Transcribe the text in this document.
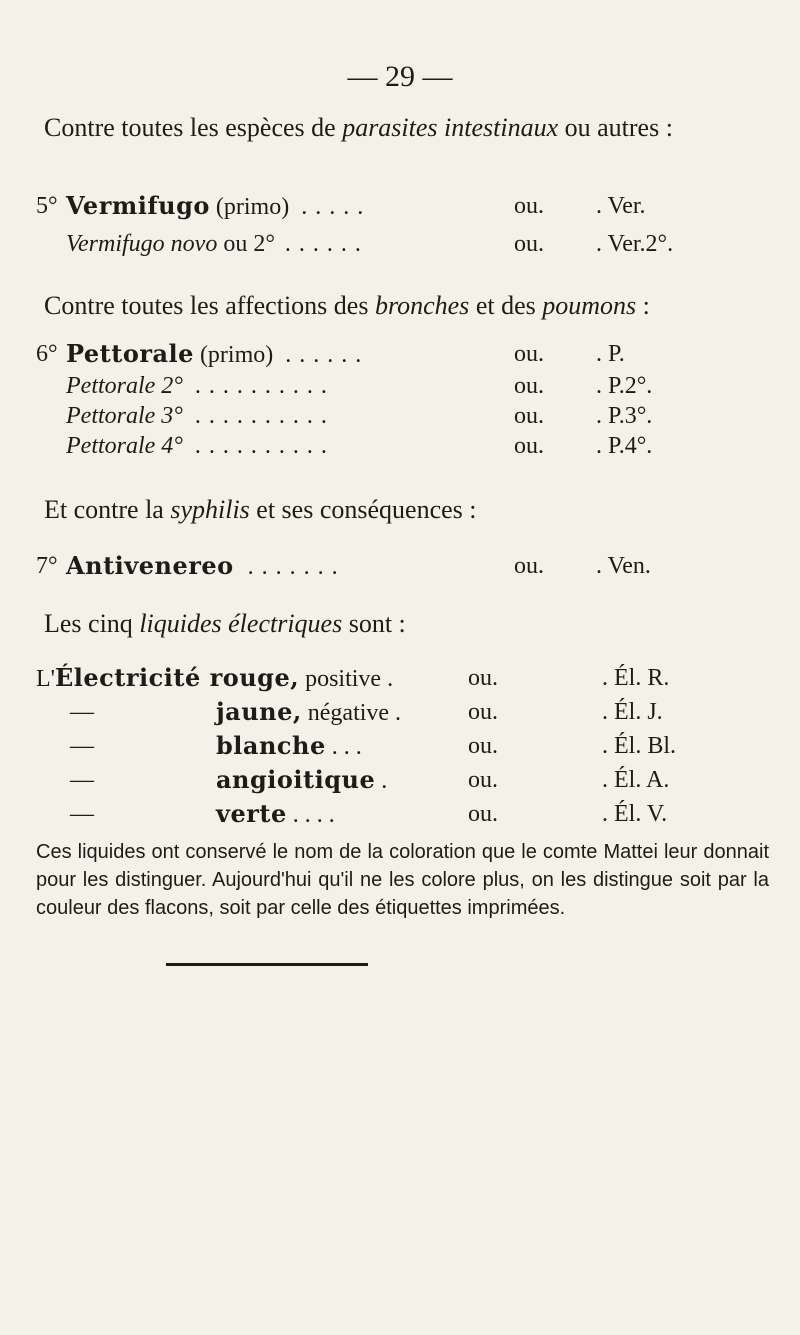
— 29 —
Contre toutes les espèces de parasites intestinaux ou autres :
5° Vermifugo (primo) .....	ou. . Ver.
Vermifugo novo ou 2° ......	ou. . Ver.2°.
Contre toutes les affections des bronches et des poumons :
6° Pettorale (primo) ......	ou. . P.
Pettorale 2° ..........	ou. . P.2°.
Pettorale 3° ..........	ou. . P.3°.
Pettorale 4° ..........	ou. . P.4°.
Et contre la syphilis et ses conséquences :
7° Antivenereo .......	ou. . Ven.
Les cinq liquides électriques sont :
L'Électricité rouge, positive .	ou.	. Él. R.
—	jaune, négative .	ou.	. Él. J.
—	blanche . . .	ou.	. Él. Bl.
—	angioitique .	ou.	. Él. A.
—	verte . . . .	ou.	. Él. V.
Ces liquides ont conservé le nom de la coloration que le comte Mattei leur donnait pour les distinguer. Aujourd'hui qu'il ne les colore plus, on les distingue soit par la couleur des flacons, soit par celle des étiquettes imprimées.
